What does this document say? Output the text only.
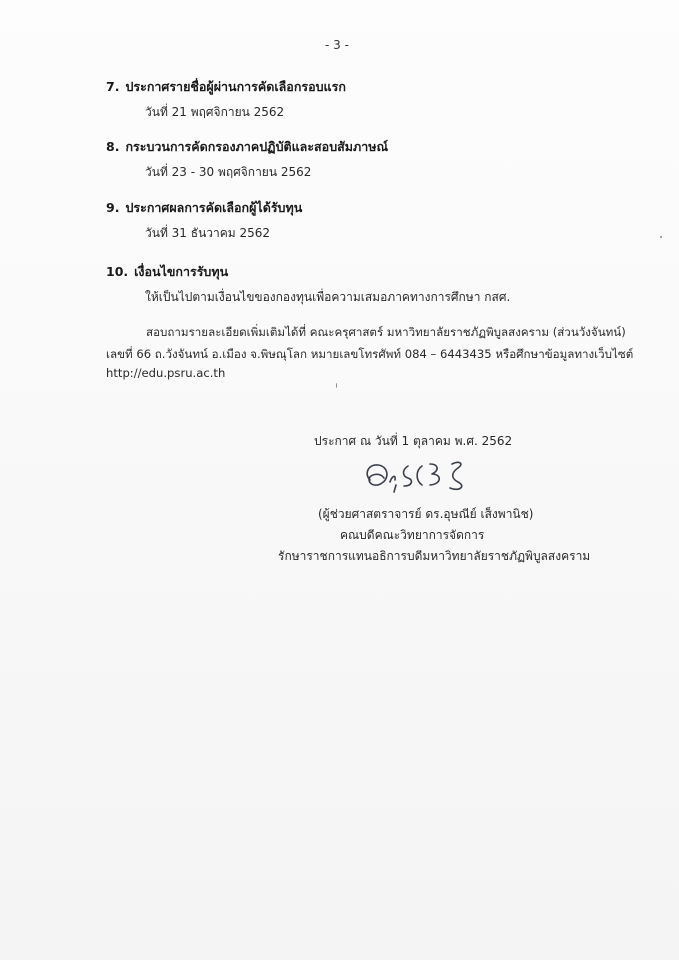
- 3 -
7. ประกาศรายชื่อผู้ผ่านการคัดเลือกรอบแรก
วันที่ 21 พฤศจิกายน 2562
8. กระบวนการคัดกรองภาคปฏิบัติและสอบสัมภาษณ์
วันที่ 23 - 30 พฤศจิกายน 2562
9. ประกาศผลการคัดเลือกผู้ได้รับทุน
วันที่ 31 ธันวาคม 2562
10. เงื่อนไขการรับทุน
ให้เป็นไปตามเงื่อนไขของกองทุนเพื่อความเสมอภาคทางการศึกษา กสศ.
สอบถามรายละเอียดเพิ่มเติมได้ที่ คณะครุศาสตร์ มหาวิทยาลัยราชภัฏพิบูลสงคราม (ส่วนวังจันทน์)
เลขที่ 66 ถ.วังจันทน์ อ.เมือง จ.พิษณุโลก หมายเลขโทรศัพท์ 084 – 6443435 หรือศึกษาข้อมูลทางเว็บไซต์
http://edu.psru.ac.th
ประกาศ ณ วันที่ 1 ตุลาคม พ.ศ. 2562
(ผู้ช่วยศาสตราจารย์ ดร.อุษณีย์ เส็งพานิช)
คณบดีคณะวิทยาการจัดการ
รักษาราชการแทนอธิการบดีมหาวิทยาลัยราชภัฏพิบูลสงคราม
